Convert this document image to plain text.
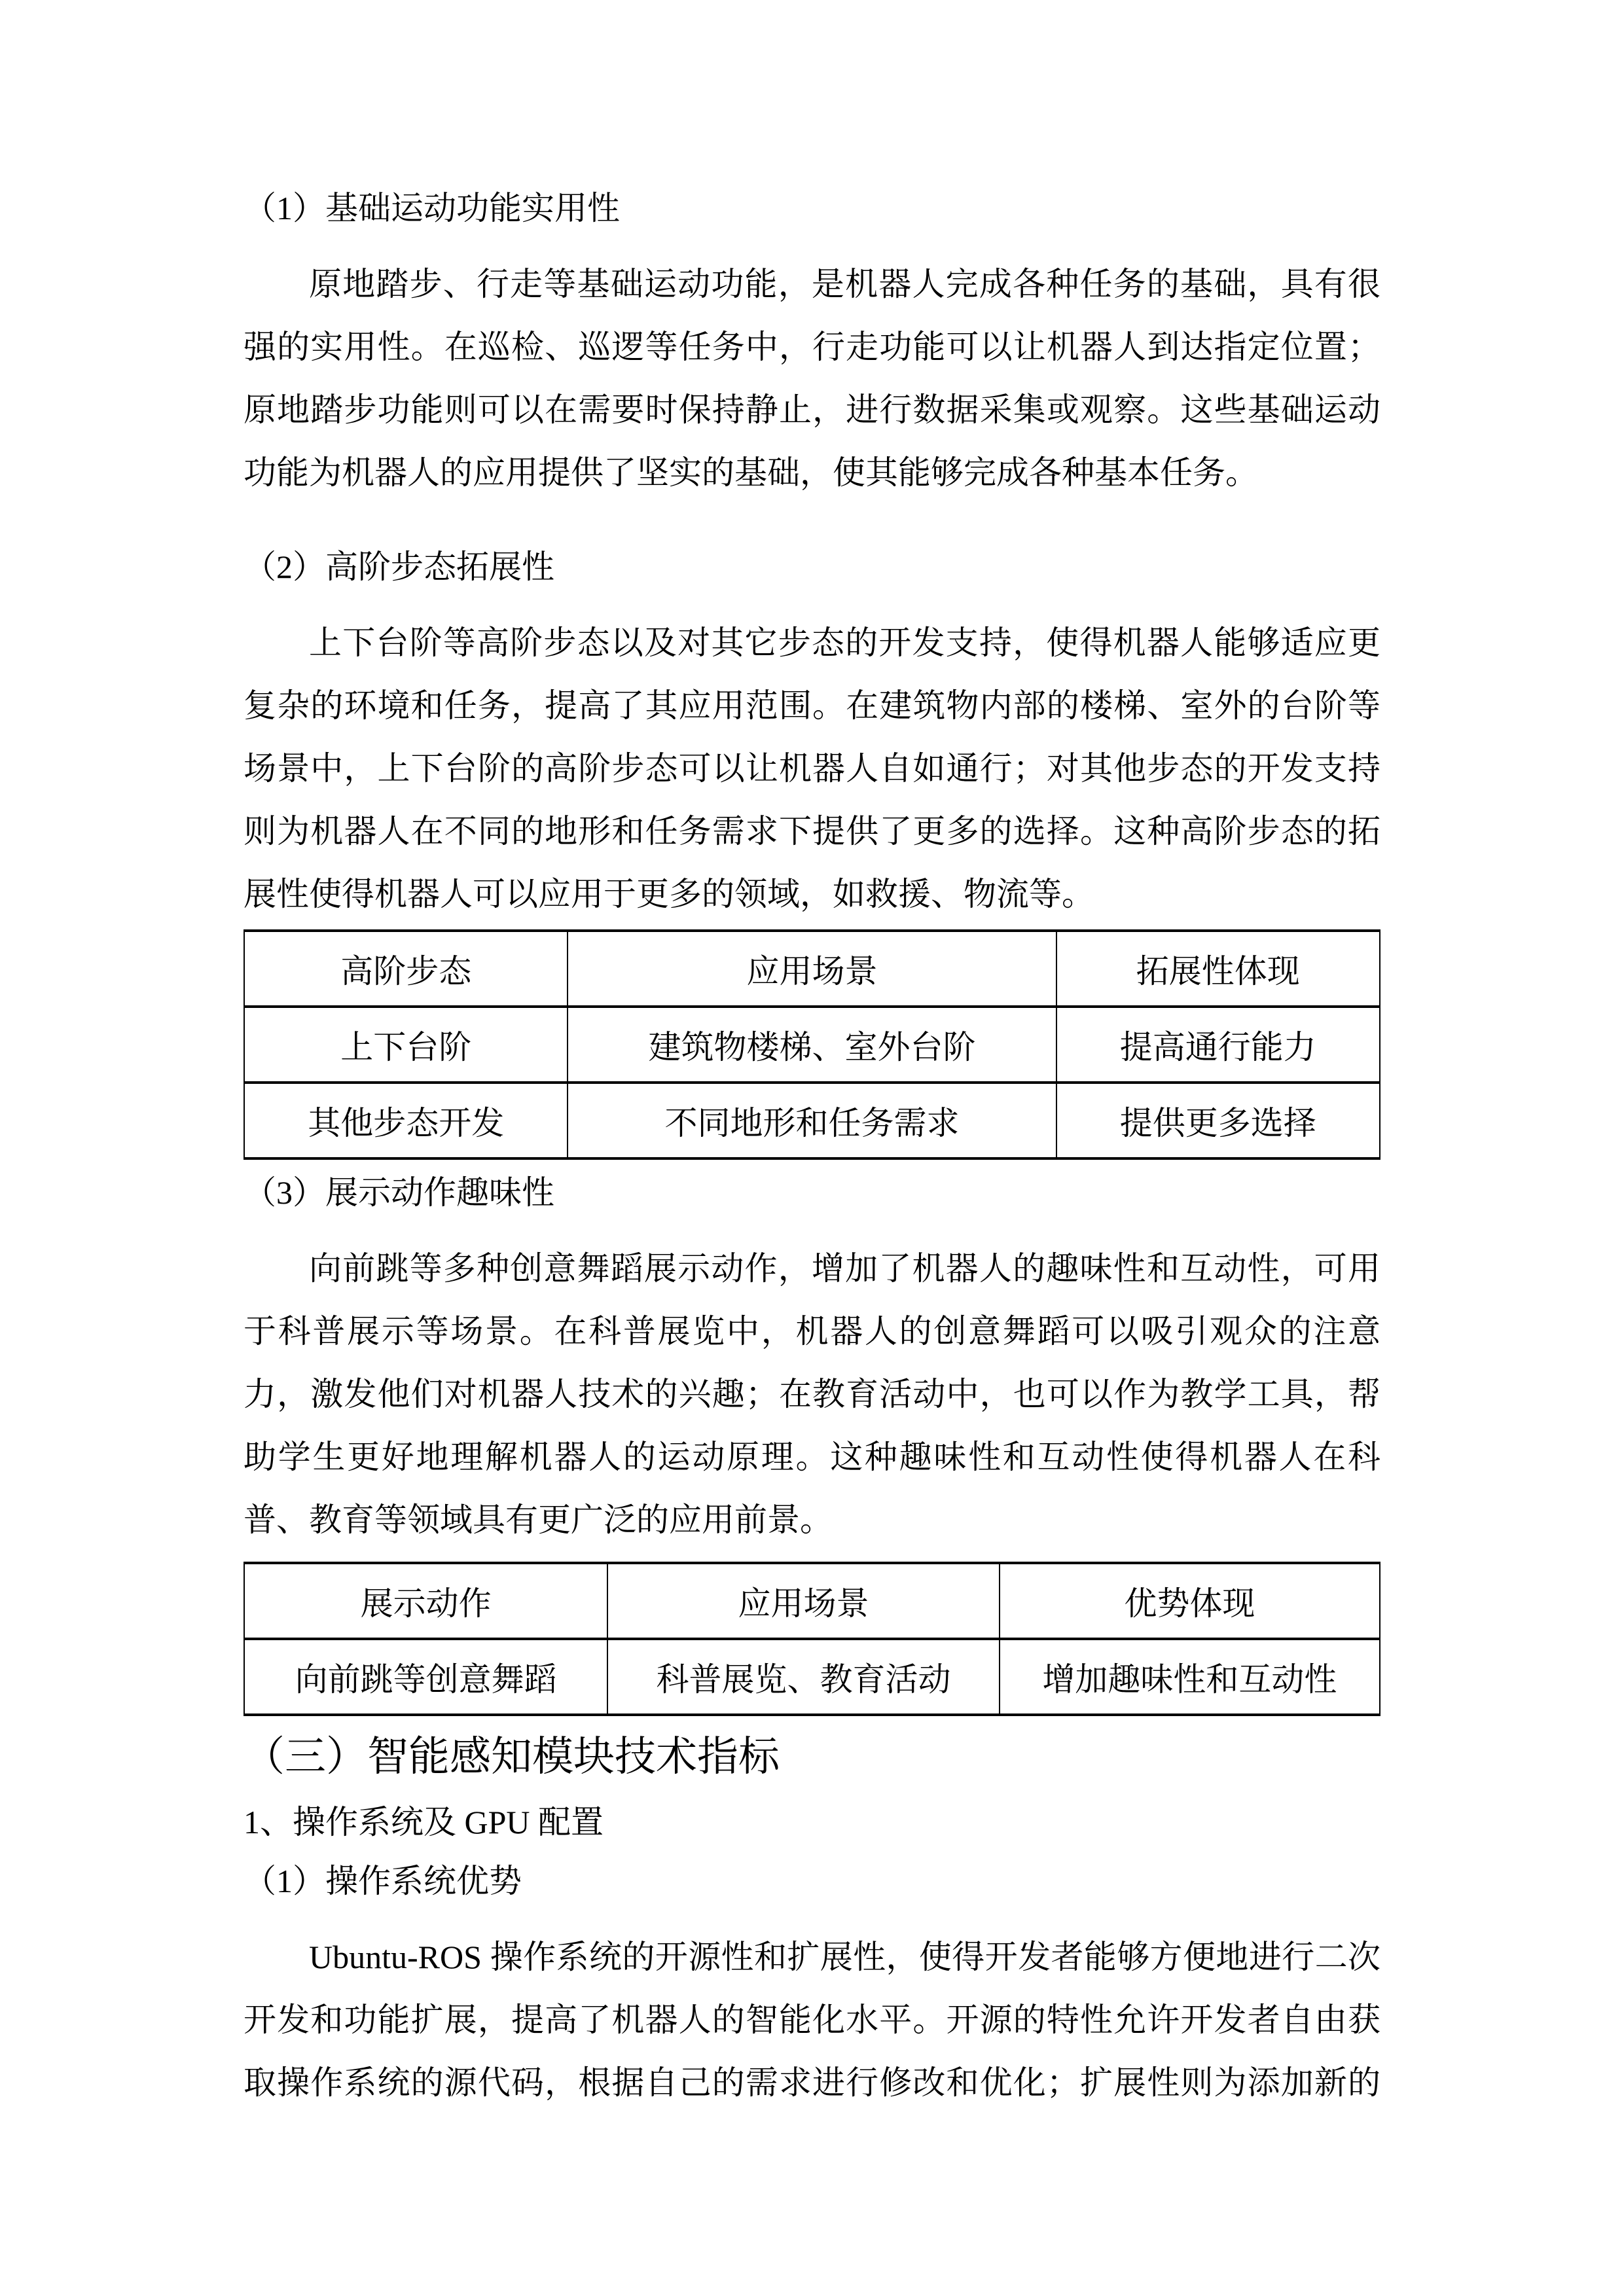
（1）基础运动功能实用性
原地踏步、行走等基础运动功能，是机器人完成各种任务的基础，具有很
强的实用性。在巡检、巡逻等任务中，行走功能可以让机器人到达指定位置；
原地踏步功能则可以在需要时保持静止，进行数据采集或观察。这些基础运动
功能为机器人的应用提供了坚实的基础，使其能够完成各种基本任务。
（2）高阶步态拓展性
上下台阶等高阶步态以及对其它步态的开发支持，使得机器人能够适应更
复杂的环境和任务，提高了其应用范围。在建筑物内部的楼梯、室外的台阶等
场景中，上下台阶的高阶步态可以让机器人自如通行；对其他步态的开发支持
则为机器人在不同的地形和任务需求下提供了更多的选择。这种高阶步态的拓
展性使得机器人可以应用于更多的领域，如救援、物流等。
高阶步态	应用场景	拓展性体现
上下台阶	建筑物楼梯、室外台阶	提高通行能力
其他步态开发	不同地形和任务需求	提供更多选择
（3）展示动作趣味性
向前跳等多种创意舞蹈展示动作，增加了机器人的趣味性和互动性，可用
于科普展示等场景。在科普展览中，机器人的创意舞蹈可以吸引观众的注意
力，激发他们对机器人技术的兴趣；在教育活动中，也可以作为教学工具，帮
助学生更好地理解机器人的运动原理。这种趣味性和互动性使得机器人在科
普、教育等领域具有更广泛的应用前景。
展示动作	应用场景	优势体现
向前跳等创意舞蹈	科普展览、教育活动	增加趣味性和互动性
（三）智能感知模块技术指标
1、操作系统及 GPU 配置
（1）操作系统优势
Ubuntu-ROS 操作系统的开源性和扩展性，使得开发者能够方便地进行二次
开发和功能扩展，提高了机器人的智能化水平。开源的特性允许开发者自由获
取操作系统的源代码，根据自己的需求进行修改和优化；扩展性则为添加新的
